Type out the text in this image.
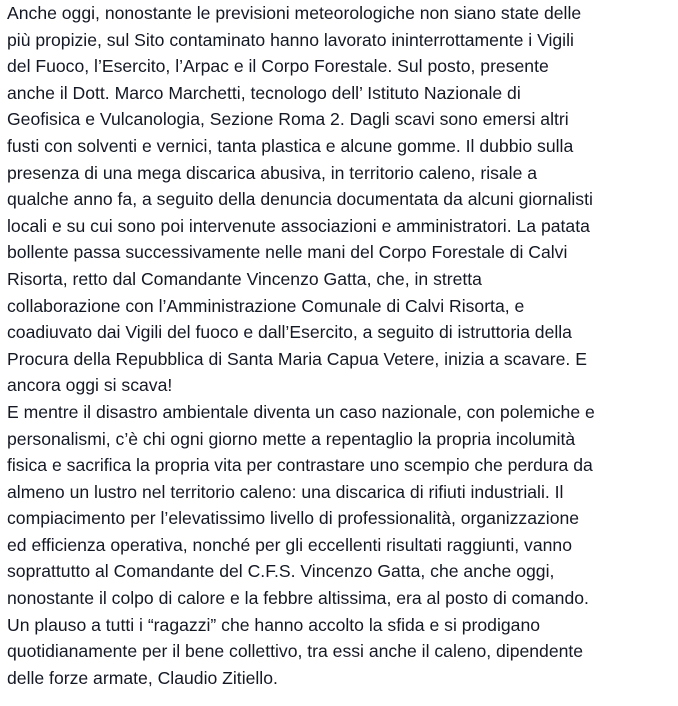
Anche oggi, nonostante le previsioni meteorologiche non siano state delle
più propizie, sul Sito contaminato hanno lavorato ininterrottamente i Vigili
del Fuoco, l’Esercito, l’Arpac e il Corpo Forestale. Sul posto, presente
anche il Dott. Marco Marchetti, tecnologo dell’ Istituto Nazionale di
Geofisica e Vulcanologia, Sezione Roma 2. Dagli scavi sono emersi altri
fusti con solventi e vernici, tanta plastica e alcune gomme. Il dubbio sulla
presenza di una mega discarica abusiva, in territorio caleno, risale a
qualche anno fa, a seguito della denuncia documentata da alcuni giornalisti
locali e su cui sono poi intervenute associazioni e amministratori. La patata
bollente passa successivamente nelle mani del Corpo Forestale di Calvi
Risorta, retto dal Comandante Vincenzo Gatta, che, in stretta
collaborazione con l’Amministrazione Comunale di Calvi Risorta, e
coadiuvato dai Vigili del fuoco e dall’Esercito, a seguito di istruttoria della
Procura della Repubblica di Santa Maria Capua Vetere, inizia a scavare. E
ancora oggi si scava!

E mentre il disastro ambientale diventa un caso nazionale, con polemiche e
personalismi, c’è chi ogni giorno mette a repentaglio la propria incolumità
fisica e sacrifica la propria vita per contrastare uno scempio che perdura da
almeno un lustro nel territorio caleno: una discarica di rifiuti industriali. Il
compiacimento per l’elevatissimo livello di professionalità, organizzazione
ed efficienza operativa, nonché per gli eccellenti risultati raggiunti, vanno
soprattutto al Comandante del C.F.S. Vincenzo Gatta, che anche oggi,
nonostante il colpo di calore e la febbre altissima, era al posto di comando.
Un plauso a tutti i “ragazzi” che hanno accolto la sfida e si prodigano
quotidianamente per il bene collettivo, tra essi anche il caleno, dipendente
delle forze armate, Claudio Zitiello.
